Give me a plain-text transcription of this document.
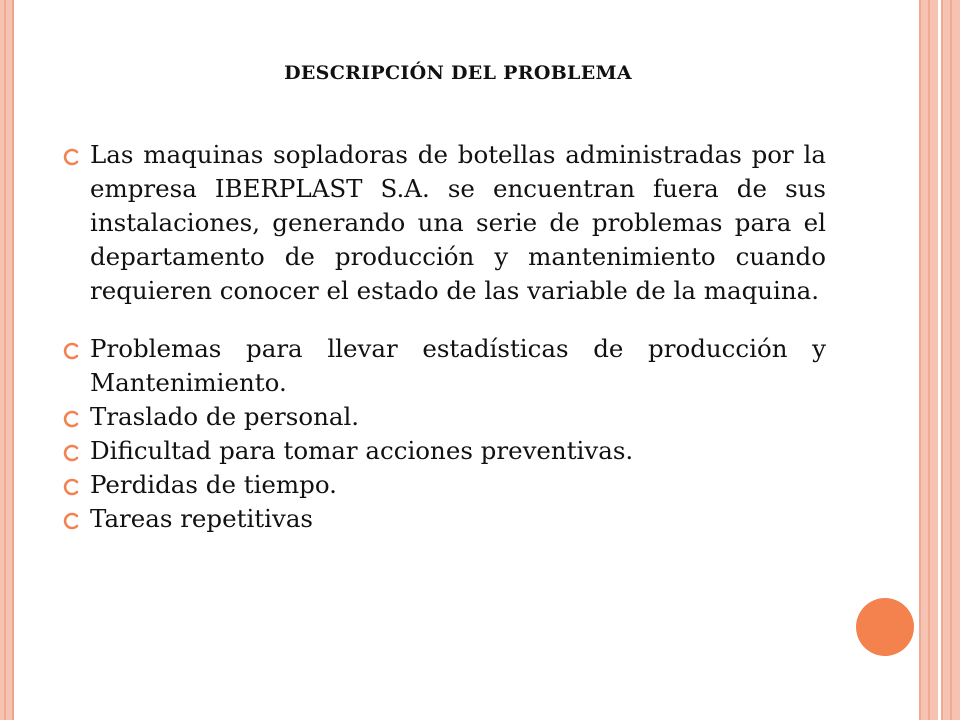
DESCRIPCIÓN DEL PROBLEMA
Las maquinas sopladoras de botellas administradas por la empresa IBERPLAST S.A. se encuentran fuera de sus instalaciones, generando una serie de problemas para el departamento de producción y mantenimiento cuando requieren conocer el estado de las variable de la maquina.
Problemas para llevar estadísticas de producción y Mantenimiento.
Traslado de personal.
Dificultad para tomar acciones preventivas.
Perdidas de tiempo.
Tareas repetitivas
